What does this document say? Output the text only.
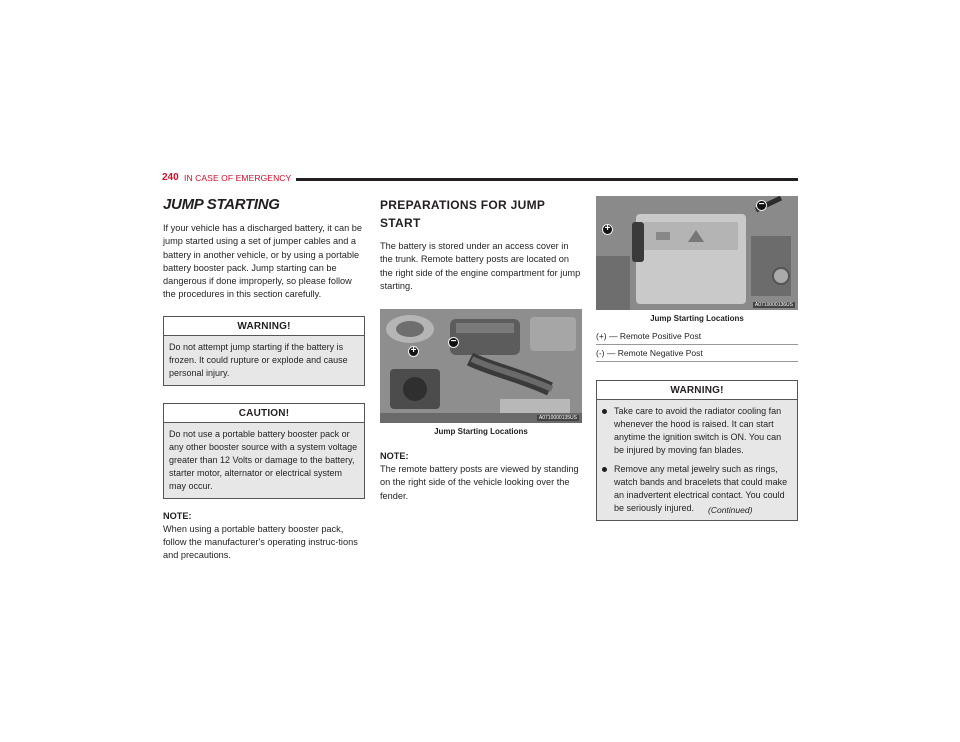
240 IN CASE OF EMERGENCY
JUMP STARTING

If your vehicle has a discharged battery, it can be jump started using a set of jumper cables and a battery in another vehicle, or by using a portable battery booster pack. Jump starting can be dangerous if done improperly, so please follow the procedures in this section carefully.

WARNING!
Do not attempt jump starting if the battery is frozen. It could rupture or explode and cause personal injury.
CAUTION!
Do not use a portable battery booster pack or any other booster source with a system voltage greater than 12 Volts or damage to the battery, starter motor, alternator or electrical system may occur.
NOTE:

When using a portable battery booster pack, follow the manufacturer's operating instruc-tions and precautions.

PREPARATIONS FOR JUMP START

The battery is stored under an access cover in the trunk. Remote battery posts are located on the right side of the engine compartment for jump starting.

+
−
A0710000135US
Jump Starting Locations
NOTE:

The remote battery posts are viewed by standing on the right side of the vehicle looking over the fender.

+
−
A0710000136US
Jump Starting Locations
(+) — Remote Positive Post
(-) — Remote Negative Post
WARNING!
Take care to avoid the radiator cooling fan whenever the hood is raised. It can start anytime the ignition switch is ON. You can be injured by moving fan blades.
Remove any metal jewelry such as rings, watch bands and bracelets that could make an inadvertent electrical contact. You could be seriously injured.	(Continued)
